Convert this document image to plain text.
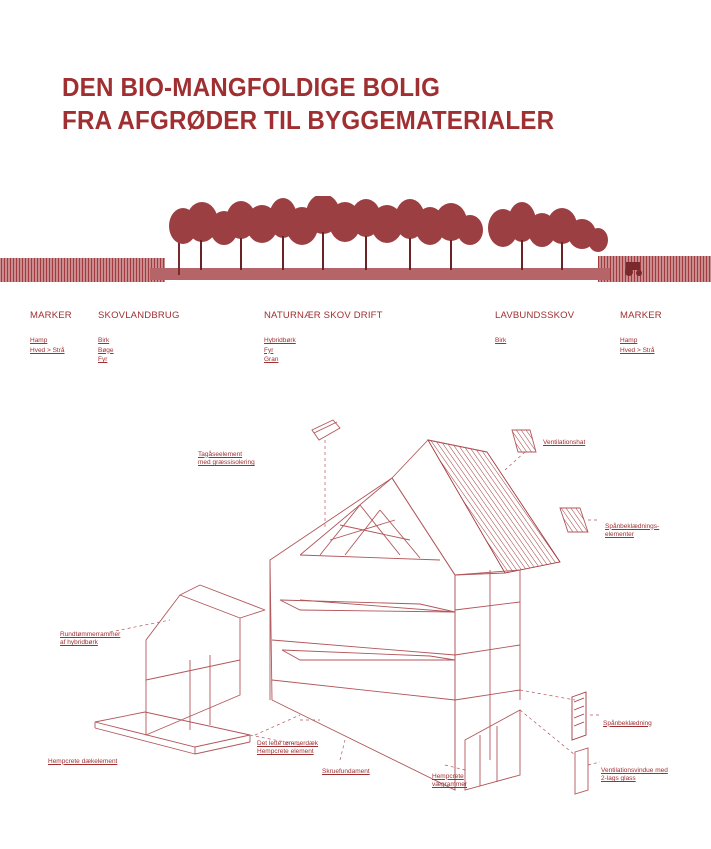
DEN BIO-MANGFOLDIGE BOLIG
FRA AFGRØDER TIL BYGGEMATERIALER
MARKER
Hamp
Hved > Strå
SKOVLANDBRUG
Birk
Bøge
Fyr
NATURNÆR SKOV DRIFT
Hybridbørk
Fyr
Gran
LAVBUNDSSKOV
Birk
MARKER
Hamp
Hved > Strå

Tagåseelement

med græssisolering

Ventilationshat

Spånbeklædnings-

elementer

Rundtømmerrammer

af hybridbørk

Det lette tømmerdæk

Hempcrete element

Hempcrete dækelement

Skruefundament

Hempcrete

vægrammer

Spånbeklædning

Ventilationsvindue med

2-lags glass
